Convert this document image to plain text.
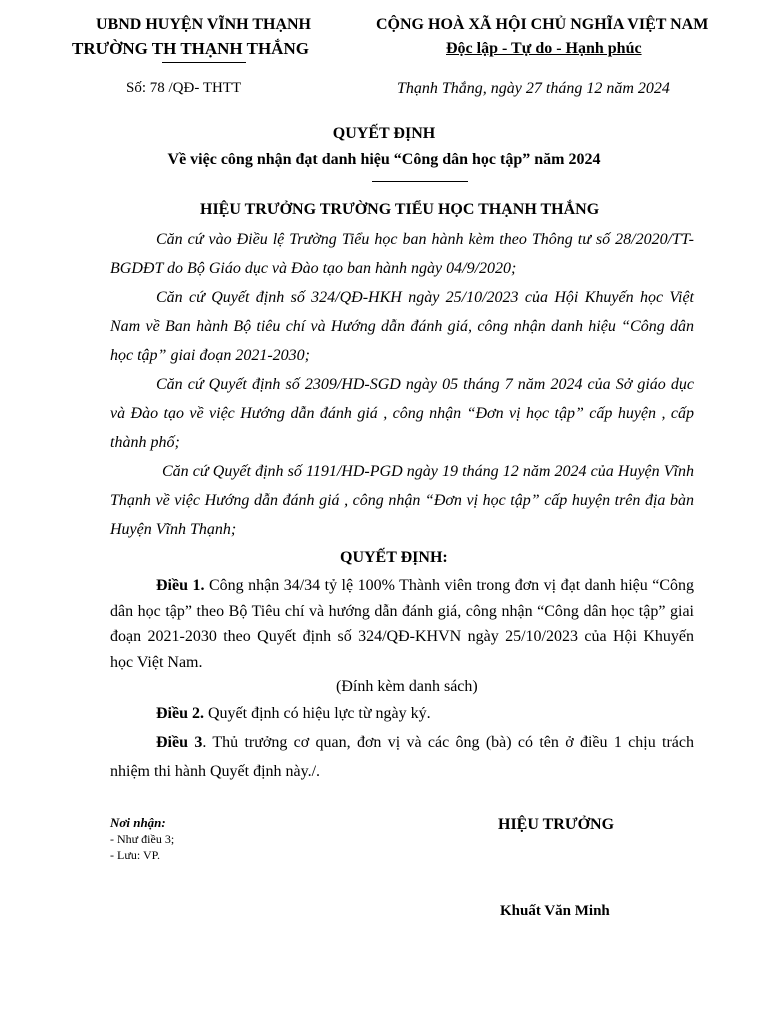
UBND HUYỆN VĨNH THẠNH
TRƯỜNG TH THẠNH THẮNG
CỘNG HOÀ XÃ HỘI CHỦ NGHĨA VIỆT NAM
Độc lập - Tự do - Hạnh phúc
Số: 78 /QĐ- THTT	Thạnh Thắng, ngày 27 tháng 12 năm 2024
QUYẾT ĐỊNH
Về việc công nhận đạt danh hiệu “Công dân học tập” năm 2024
HIỆU TRƯỞNG TRƯỜNG TIỂU HỌC THẠNH THẮNG
Căn cứ vào Điều lệ Trường Tiểu học ban hành kèm theo Thông tư số 28/2020/TT-BGDĐT do Bộ Giáo dục và Đào tạo ban hành ngày 04/9/2020;
Căn cứ Quyết định số 324/QĐ-HKH ngày 25/10/2023 của Hội Khuyến học Việt Nam về Ban hành Bộ tiêu chí và Hướng dẫn đánh giá, công nhận danh hiệu “Công dân học tập” giai đoạn 2021-2030;
Căn cứ Quyết định số 2309/HD-SGD ngày 05 tháng 7 năm 2024 của Sở giáo dục và Đào tạo về việc Hướng dẫn đánh giá , công nhận “Đơn vị học tập” cấp huyện , cấp thành phố;
Căn cứ Quyết định số 1191/HD-PGD ngày 19 tháng 12 năm 2024 của Huyện Vĩnh Thạnh về việc Hướng dẫn đánh giá , công nhận “Đơn vị học tập” cấp huyện trên địa bàn Huyện Vĩnh Thạnh;
QUYẾT ĐỊNH:
Điều 1. Công nhận 34/34 tỷ lệ 100% Thành viên trong đơn vị đạt danh hiệu “Công dân học tập” theo Bộ Tiêu chí và hướng dẫn đánh giá, công nhận “Công dân học tập” giai đoạn 2021-2030 theo Quyết định số 324/QĐ-KHVN ngày 25/10/2023 của Hội Khuyến học Việt Nam.
(Đính kèm danh sách)
Điều 2. Quyết định có hiệu lực từ ngày ký.
Điều 3. Thủ trưởng cơ quan, đơn vị và các ông (bà) có tên ở điều 1 chịu trách nhiệm thi hành Quyết định này./.
Nơi nhận:
- Như điều 3;
- Lưu: VP.
HIỆU TRƯỞNG
Khuất Văn Minh
